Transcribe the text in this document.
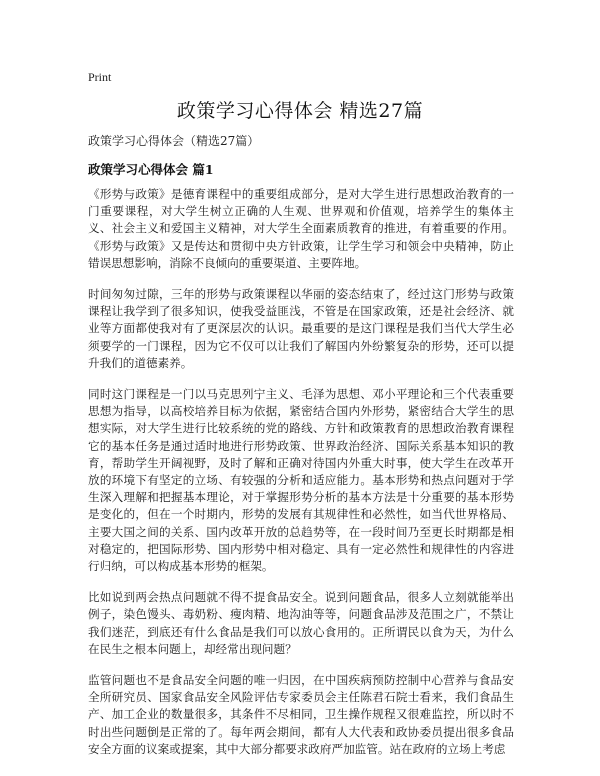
Print
政策学习心得体会 精选27篇
政策学习心得体会（精选27篇）
政策学习心得体会 篇1

《形势与政策》是德育课程中的重要组成部分，是对大学生进行思想政治教育的一门重要课程，对大学生树立正确的人生观、世界观和价值观，培养学生的集体主义、社会主义和爱国主义精神，对大学生全面素质教育的推进，有着重要的作用。《形势与政策》又是传达和贯彻中央方针政策，让学生学习和领会中央精神，防止错误思想影响，消除不良倾向的重要渠道、主要阵地。

时间匆匆过隙，三年的形势与政策课程以华丽的姿态结束了，经过这门形势与政策课程让我学到了很多知识，使我受益匪浅，不管是在国家政策，还是社会经济、就业等方面都使我对有了更深层次的认识。最重要的是这门课程是我们当代大学生必须要学的一门课程，因为它不仅可以让我们了解国内外纷繁复杂的形势，还可以提升我们的道德素养。

同时这门课程是一门以马克思列宁主义、毛泽为思想、邓小平理论和三个代表重要思想为指导，以高校培养目标为依据，紧密结合国内外形势，紧密结合大学生的思想实际，对大学生进行比较系统的党的路线、方针和政策教育的思想政治教育课程它的基本任务是通过适时地进行形势政策、世界政治经济、国际关系基本知识的教育，帮助学生开阔视野，及时了解和正确对待国内外重大时事，使大学生在改革开放的环境下有坚定的立场、有较强的分析和适应能力。基本形势和热点问题对于学生深入理解和把握基本理论，对于掌握形势分析的基本方法是十分重要的基本形势是变化的，但在一个时期内，形势的发展有其规律性和必然性，如当代世界格局、主要大国之间的关系、国内改革开放的总趋势等，在一段时间乃至更长时期都是相对稳定的，把国际形势、国内形势中相对稳定、具有一定必然性和规律性的内容进行归纳，可以构成基本形势的框架。

比如说到两会热点问题就不得不提食品安全。说到问题食品，很多人立刻就能举出例子，染色馒头、毒奶粉、瘦肉精、地沟油等等，问题食品涉及范围之广，不禁让我们迷茫，到底还有什么食品是我们可以放心食用的。正所谓民以食为天，为什么在民生之根本问题上，却经常出现问题？

监管问题也不是食品安全问题的唯一归因，在中国疾病预防控制中心营养与食品安全所研究员、国家食品安全风险评估专家委员会主任陈君石院士看来，我们食品生产、加工企业的数量很多，其条件不尽相同，卫生操作规程又很难监控，所以时不时出些问题倒是正常的了。每年两会期间，都有人大代表和政协委员提出很多食品安全方面的议案或提案，其中大部分都要求政府严加监管。站在政府的立场上考虑
